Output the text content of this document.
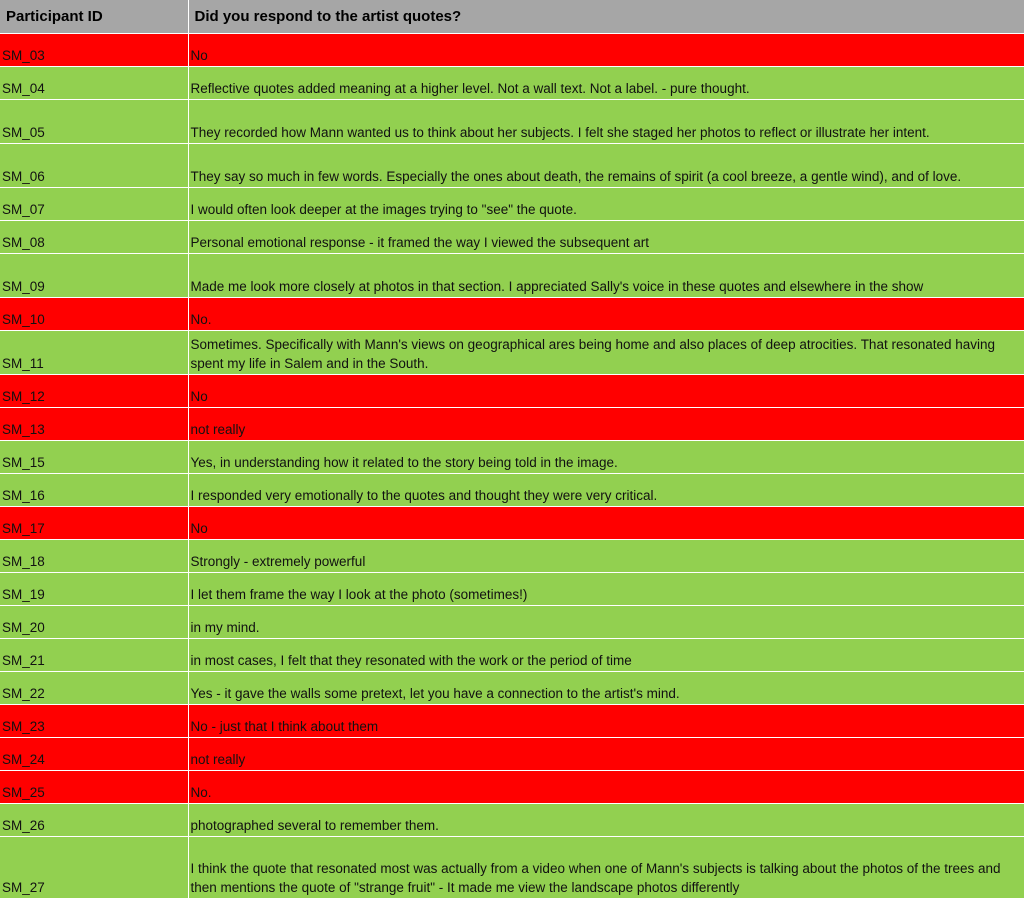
Participant ID	Did you respond to the artist quotes?
SM_03	No
SM_04	Reflective quotes added meaning at a higher level. Not a wall text. Not a label. - pure thought.
SM_05	They recorded how Mann wanted us to think about her subjects. I felt she staged her photos to reflect or illustrate her intent.
SM_06	They say so much in few words. Especially the ones about death, the remains of spirit (a cool breeze, a gentle wind), and of love.
SM_07	I would often look deeper at the images trying to "see" the quote.
SM_08	Personal emotional response - it framed the way I viewed the subsequent art
SM_09	Made me look more closely at photos in that section. I appreciated Sally's voice in these quotes and elsewhere in the show
SM_10	No.
SM_11	Sometimes. Specifically with Mann's views on geographical ares being home and also places of deep atrocities. That resonated having spent my life in Salem and in the South.
SM_12	No
SM_13	not really
SM_15	Yes, in understanding how it related to the story being told in the image.
SM_16	I responded very emotionally to the quotes and thought they were very critical.
SM_17	No
SM_18	Strongly - extremely powerful
SM_19	I let them frame the way I look at the photo (sometimes!)
SM_20	in my mind.
SM_21	in most cases, I felt that they resonated with the work or the period of time
SM_22	Yes - it gave the walls some pretext, let you have a connection to the artist's mind.
SM_23	No - just that I think about them
SM_24	not really
SM_25	No.
SM_26	photographed several to remember them.
SM_27	I think the quote that resonated most was actually from a video when one of Mann's subjects is talking about the photos of the trees and then mentions the quote of "strange fruit" - It made me view the landscape photos differently
